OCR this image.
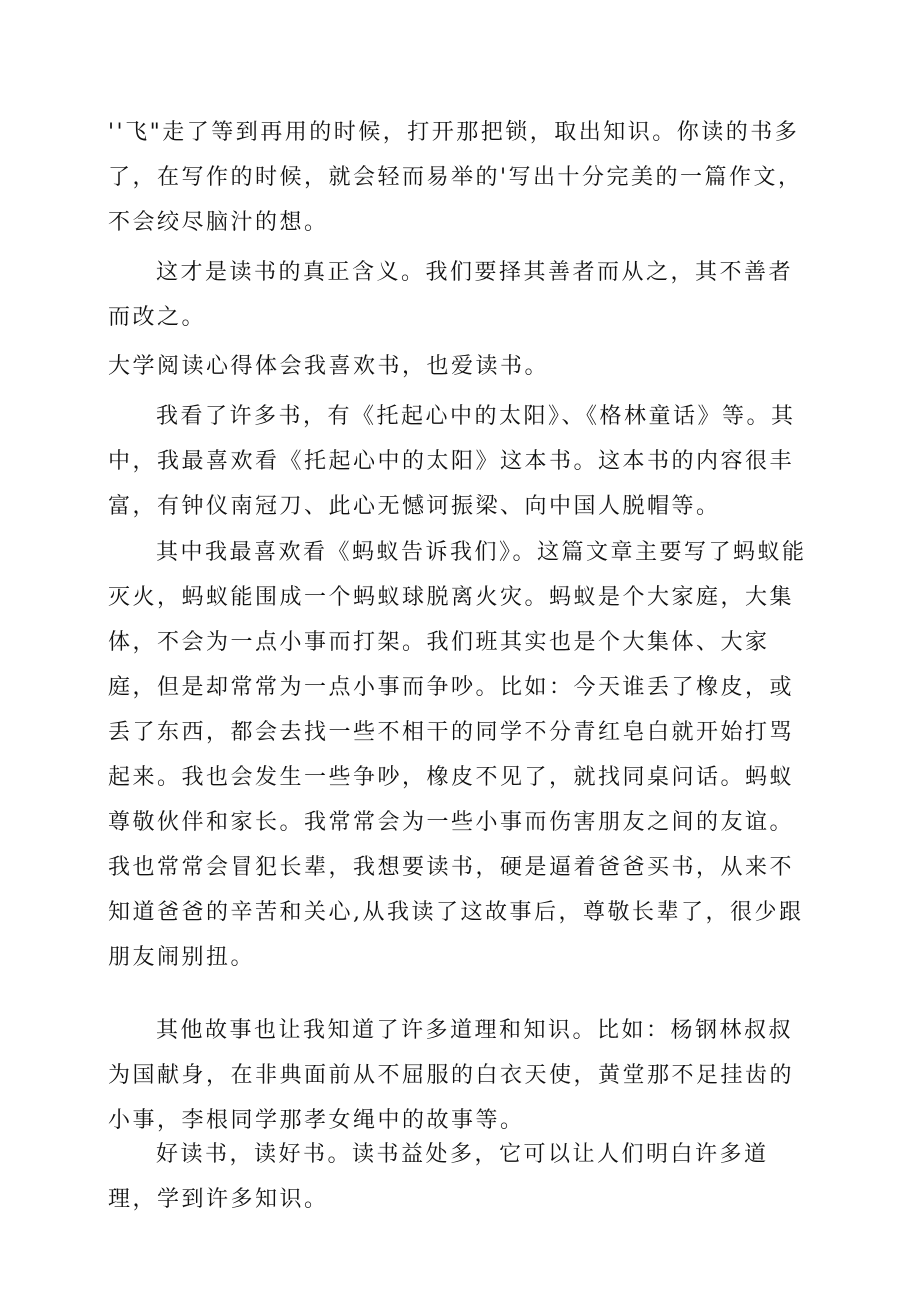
''飞"走了等到再用的时候，打开那把锁，取出知识。你读的书多了，在写作的时候，就会轻而易举的'写出十分完美的一篇作文，不会绞尽脑汁的想。

这才是读书的真正含义。我们要择其善者而从之，其不善者而改之。

大学阅读心得体会我喜欢书，也爱读书。

我看了许多书，有《托起心中的太阳》、《格林童话》等。其中，我最喜欢看《托起心中的太阳》这本书。这本书的内容很丰富，有钟仪南冠刀、此心无憾诃振梁、向中国人脱帽等。

其中我最喜欢看《蚂蚁告诉我们》。这篇文章主要写了蚂蚁能灭火，蚂蚁能围成一个蚂蚁球脱离火灾。蚂蚁是个大家庭，大集体，不会为一点小事而打架。我们班其实也是个大集体、大家庭，但是却常常为一点小事而争吵。比如：今天谁丢了橡皮，或丢了东西，都会去找一些不相干的同学不分青红皂白就开始打骂起来。我也会发生一些争吵，橡皮不见了，就找同桌问话。蚂蚁尊敬伙伴和家长。我常常会为一些小事而伤害朋友之间的友谊。我也常常会冒犯长辈，我想要读书，硬是逼着爸爸买书，从来不知道爸爸的辛苦和关心,从我读了这故事后，尊敬长辈了，很少跟朋友闹别扭。

其他故事也让我知道了许多道理和知识。比如：杨钢林叔叔为国献身，在非典面前从不屈服的白衣天使，黄堂那不足挂齿的小事，李根同学那孝女绳中的故事等。

好读书，读好书。读书益处多，它可以让人们明白许多道理，学到许多知识。
